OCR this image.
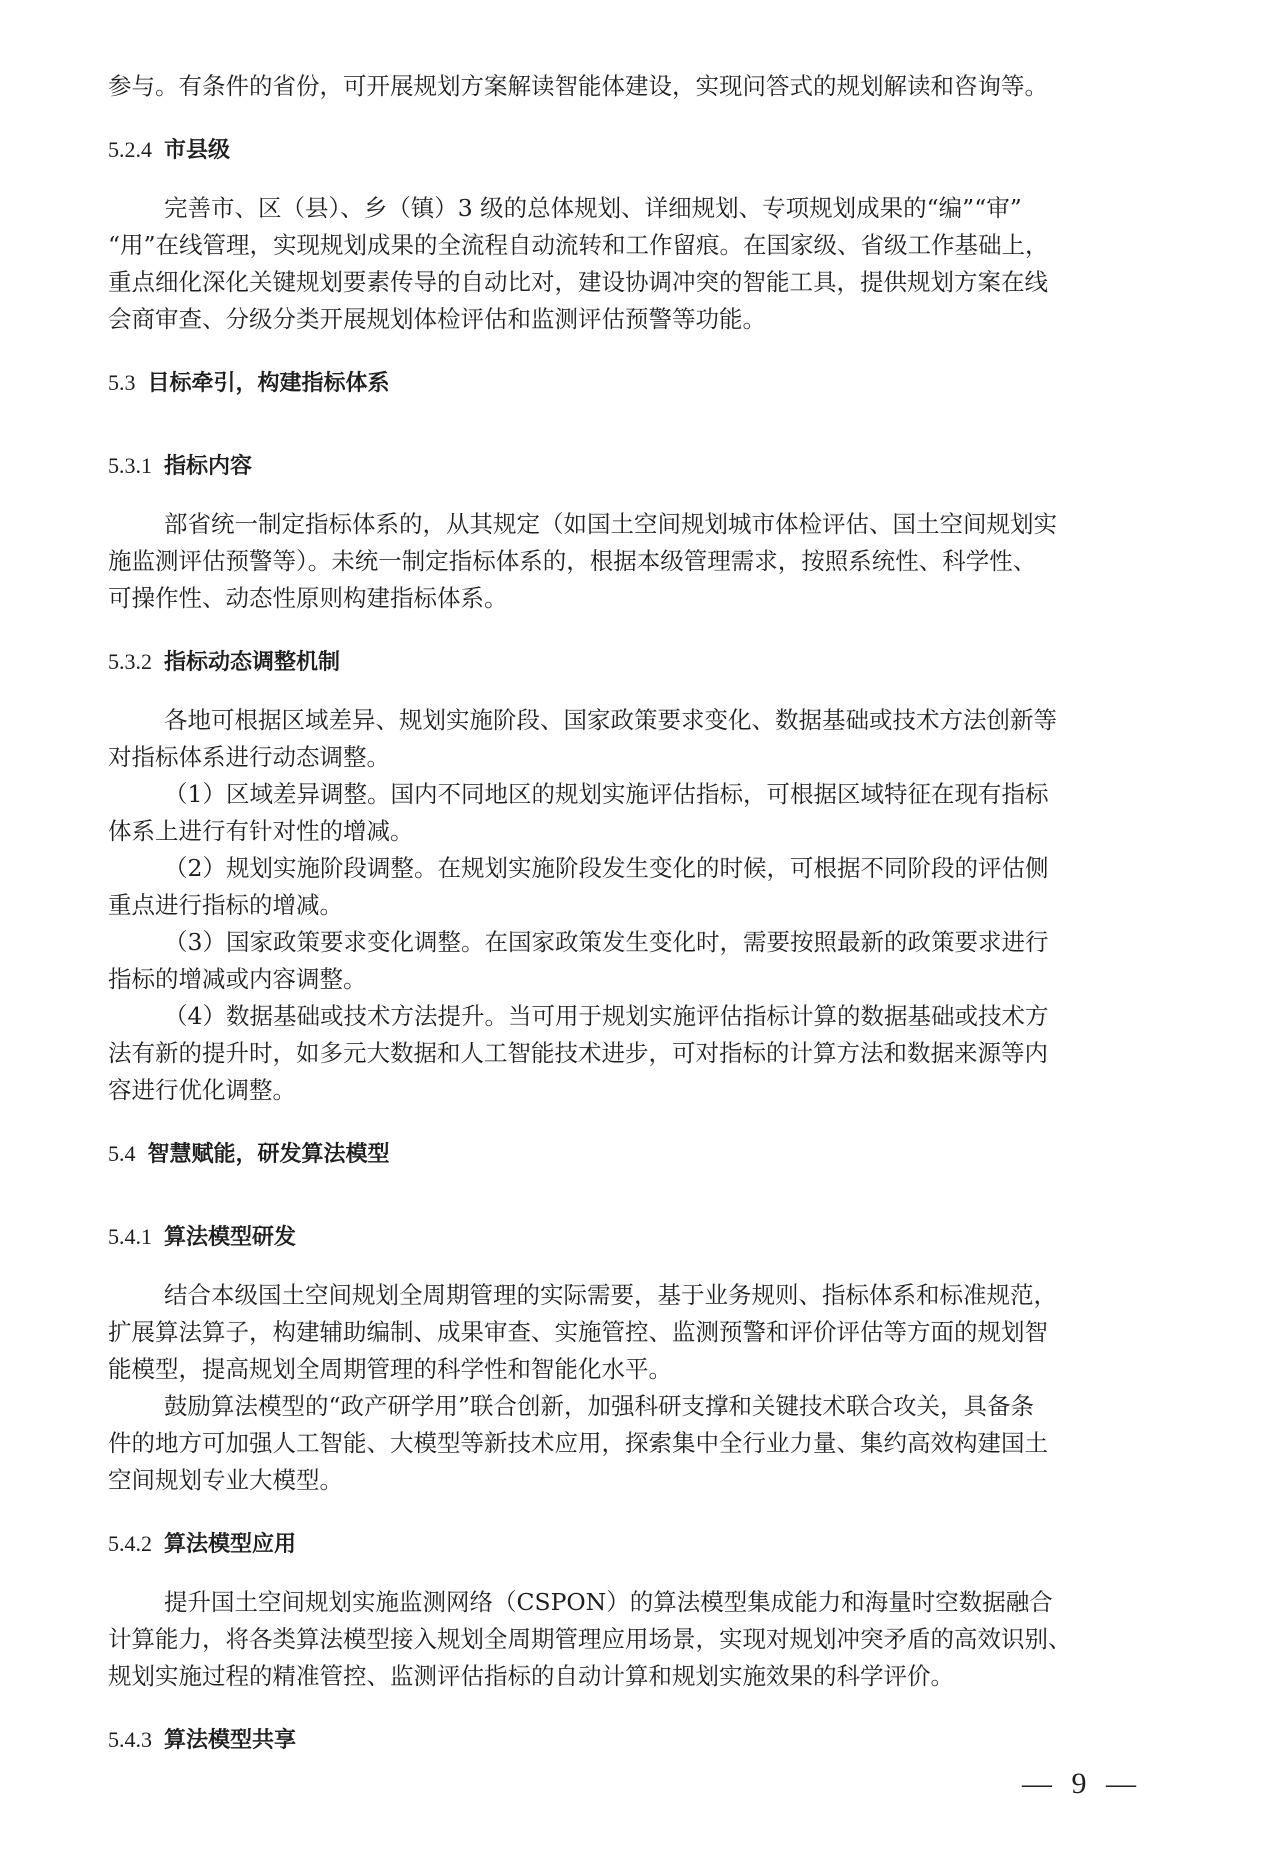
参与。有条件的省份，可开展规划方案解读智能体建设，实现问答式的规划解读和咨询等。
5.2.4 市县级
完善市、区（县）、乡（镇）3 级的总体规划、详细规划、专项规划成果的“编”“审”
“用”在线管理，实现规划成果的全流程自动流转和工作留痕。在国家级、省级工作基础上，
重点细化深化关键规划要素传导的自动比对，建设协调冲突的智能工具，提供规划方案在线
会商审查、分级分类开展规划体检评估和监测评估预警等功能。
5.3 目标牵引，构建指标体系
5.3.1 指标内容
部省统一制定指标体系的，从其规定（如国土空间规划城市体检评估、国土空间规划实
施监测评估预警等）。未统一制定指标体系的，根据本级管理需求，按照系统性、科学性、
可操作性、动态性原则构建指标体系。
5.3.2 指标动态调整机制
各地可根据区域差异、规划实施阶段、国家政策要求变化、数据基础或技术方法创新等
对指标体系进行动态调整。
（1）区域差异调整。国内不同地区的规划实施评估指标，可根据区域特征在现有指标
体系上进行有针对性的增减。
（2）规划实施阶段调整。在规划实施阶段发生变化的时候，可根据不同阶段的评估侧
重点进行指标的增减。
（3）国家政策要求变化调整。在国家政策发生变化时，需要按照最新的政策要求进行
指标的增减或内容调整。
（4）数据基础或技术方法提升。当可用于规划实施评估指标计算的数据基础或技术方
法有新的提升时，如多元大数据和人工智能技术进步，可对指标的计算方法和数据来源等内
容进行优化调整。
5.4 智慧赋能，研发算法模型
5.4.1 算法模型研发
结合本级国土空间规划全周期管理的实际需要，基于业务规则、指标体系和标准规范，
扩展算法算子，构建辅助编制、成果审查、实施管控、监测预警和评价评估等方面的规划智
能模型，提高规划全周期管理的科学性和智能化水平。
鼓励算法模型的“政产研学用”联合创新，加强科研支撑和关键技术联合攻关，具备条
件的地方可加强人工智能、大模型等新技术应用，探索集中全行业力量、集约高效构建国土
空间规划专业大模型。
5.4.2 算法模型应用
提升国土空间规划实施监测网络（CSPON）的算法模型集成能力和海量时空数据融合
计算能力，将各类算法模型接入规划全周期管理应用场景，实现对规划冲突矛盾的高效识别、
规划实施过程的精准管控、监测评估指标的自动计算和规划实施效果的科学评价。
5.4.3 算法模型共享
— 9 —
